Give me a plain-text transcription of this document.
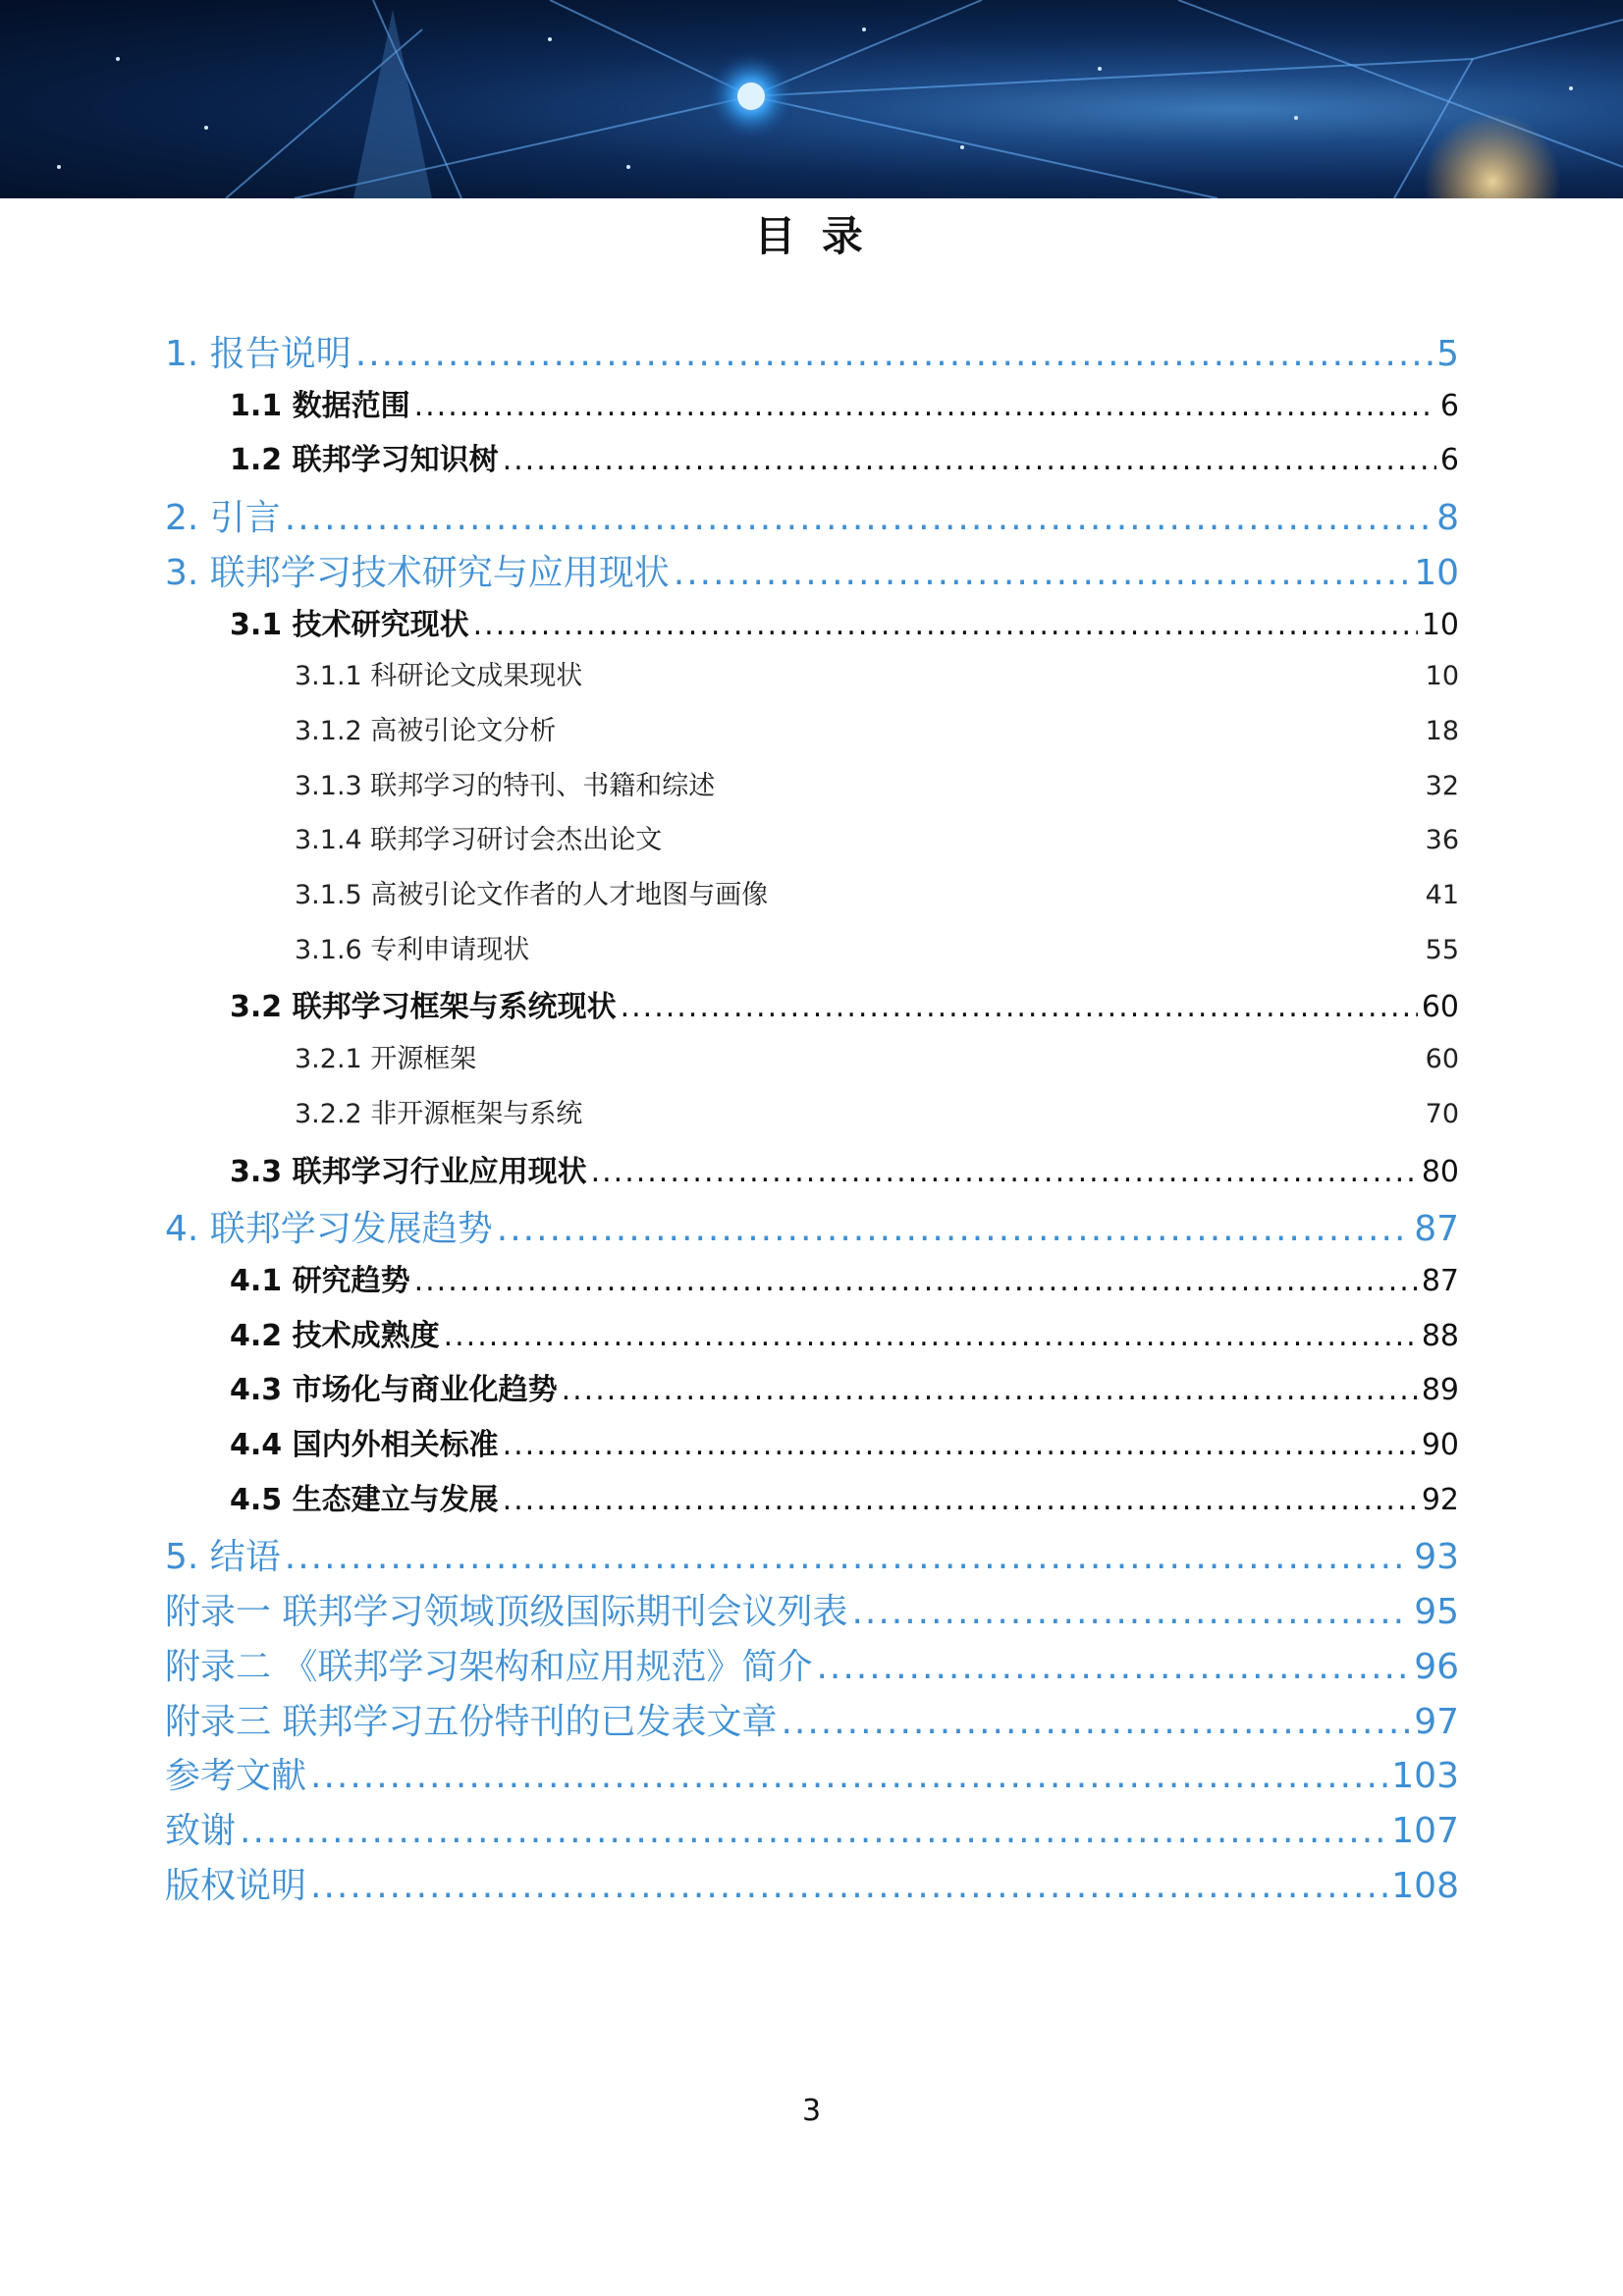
目 录
1. 报告说明 .....	5
1.1 数据范围 .....	6
1.2 联邦学习知识树 .....	6
2. 引言 .....	8
3. 联邦学习技术研究与应用现状 .....	10
3.1 技术研究现状 .....	10
3.1.1 科研论文成果现状	10
3.1.2 高被引论文分析	18
3.1.3 联邦学习的特刊、书籍和综述	32
3.1.4 联邦学习研讨会杰出论文	36
3.1.5 高被引论文作者的人才地图与画像	41
3.1.6 专利申请现状	55
3.2 联邦学习框架与系统现状 .....	60
3.2.1 开源框架	60
3.2.2 非开源框架与系统	70
3.3 联邦学习行业应用现状 .....	80
4. 联邦学习发展趋势 .....	87
4.1 研究趋势 .....	87
4.2 技术成熟度 .....	88
4.3 市场化与商业化趋势 .....	89
4.4 国内外相关标准 .....	90
4.5 生态建立与发展 .....	92
5. 结语 .....	93
附录一 联邦学习领域顶级国际期刊会议列表 .....	95
附录二 《联邦学习架构和应用规范》简介 .....	96
附录三 联邦学习五份特刊的已发表文章 .....	97
参考文献 .....	103
致谢 .....	107
版权说明 .....	108
3
